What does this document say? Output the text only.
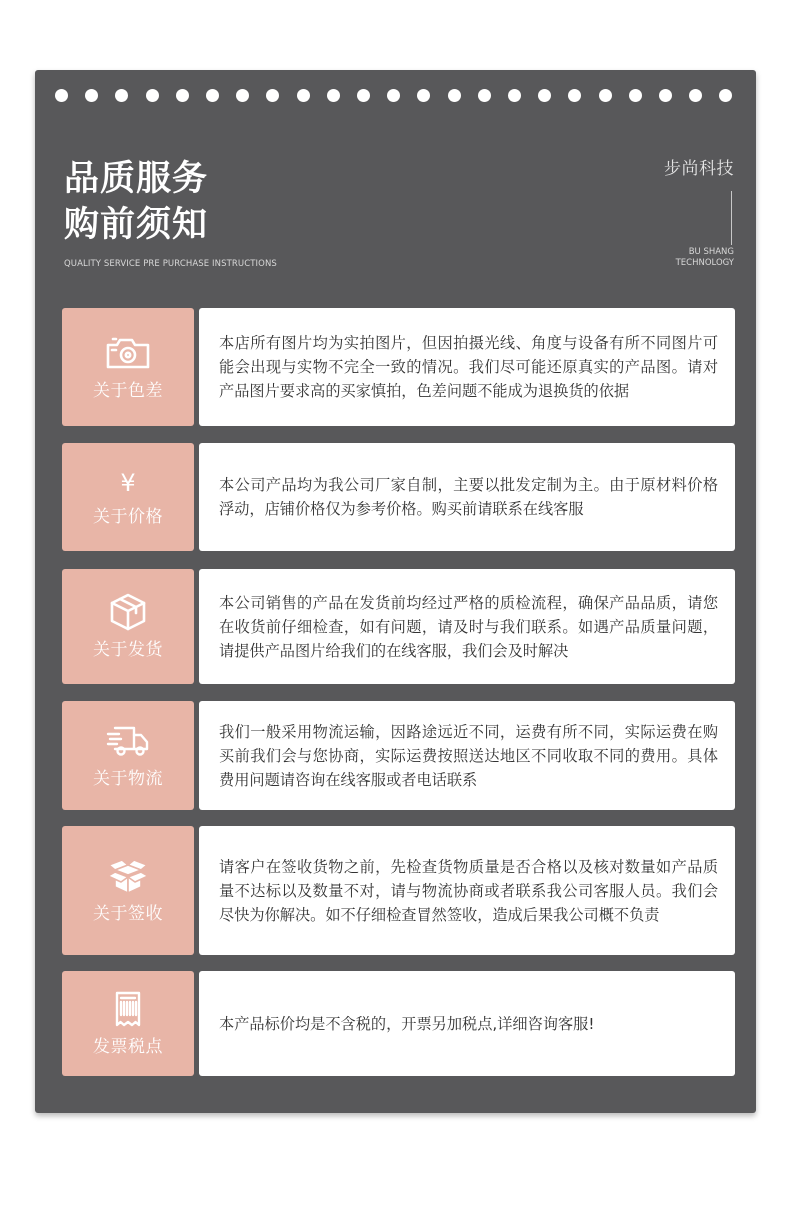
品质服务
购前须知
QUALITY SERVICE PRE PURCHASE INSTRUCTIONS
步尚科技
BU SHANG
TECHNOLOGY
关于色差

本店所有图片均为实拍图片，但因拍摄光线、角度与设备有所不同图片可能会出现与实物不完全一致的情况。我们尽可能还原真实的产品图。请对产品图片要求高的买家慎拍，色差问题不能成为退换货的依据

¥
关于价格

本公司产品均为我公司厂家自制，主要以批发定制为主。由于原材料价格浮动，店铺价格仅为参考价格。购买前请联系在线客服

关于发货

本公司销售的产品在发货前均经过严格的质检流程，确保产品品质，请您在收货前仔细检查，如有问题，请及时与我们联系。如遇产品质量问题，请提供产品图片给我们的在线客服，我们会及时解决

关于物流

我们一般采用物流运输，因路途远近不同，运费有所不同，实际运费在购买前我们会与您协商，实际运费按照送达地区不同收取不同的费用。具体费用问题请咨询在线客服或者电话联系

关于签收

请客户在签收货物之前，先检查货物质量是否合格以及核对数量如产品质量不达标以及数量不对，请与物流协商或者联系我公司客服人员。我们会尽快为你解决。如不仔细检查冒然签收，造成后果我公司概不负责

发票税点

本产品标价均是不含税的，开票另加税点,详细咨询客服!
